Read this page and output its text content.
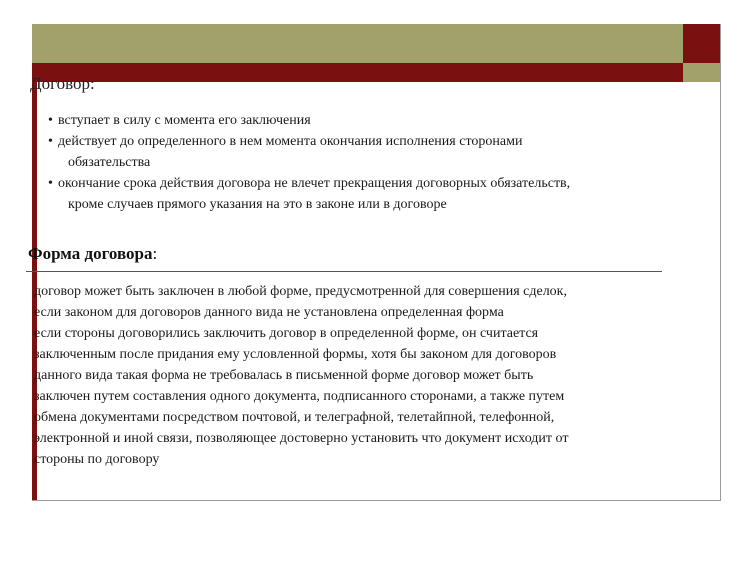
Договор:
• вступает в силу с момента его заключения
• действует до определенного в нем момента окончания исполнения сторонами
обязательства
• окончание срока действия договора не влечет прекращения договорных обязательств,
кроме случаев прямого указания на это в законе или в договоре
Форма договора:
договор может быть заключен в любой форме, предусмотренной для совершения сделок,
если законом для договоров данного вида не установлена определенная форма
если стороны договорились заключить договор в определенной форме, он считается
заключенным после придания ему условленной формы, хотя бы законом для договоров
данного вида такая форма не требовалась в письменной форме договор может быть
заключен путем составления одного документа, подписанного сторонами, а также путем
обмена документами посредством почтовой, и телеграфной, телетайпной, телефонной,
электронной и иной связи, позволяющее достоверно установить что документ исходит от
стороны по договору
